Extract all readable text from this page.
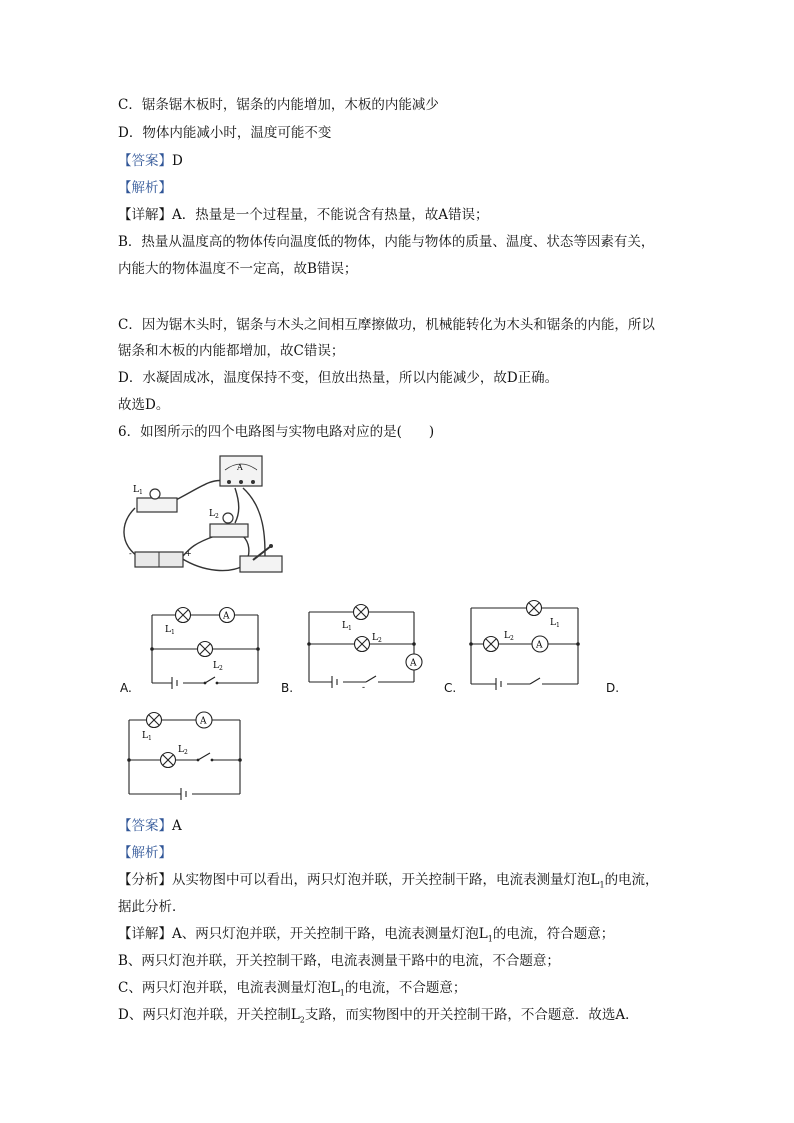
C．锯条锯木板时，锯条的内能增加，木板的内能减少
D．物体内能减小时，温度可能不变
【答案】D
【解析】
【详解】A．热量是一个过程量，不能说含有热量，故A错误；
B．热量从温度高的物体传向温度低的物体，内能与物体的质量、温度、状态等因素有关，
内能大的物体温度不一定高，故B错误；
C．因为锯木头时，锯条与木头之间相互摩擦做功，机械能转化为木头和锯条的内能，所以
锯条和木板的内能都增加，故C错误；
D．水凝固成冰，温度保持不变，但放出热量，所以内能减少，故D正确。
故选D。
6．如图所示的四个电路图与实物电路对应的是(　　)
A
L 1
L 2
-	+
A
L 1
L 2
A.
A
L 1
L 2
-
B.
A
L 1
L 2
C.	D.
A
L 1
L 2
【答案】A
【解析】
【分析】从实物图中可以看出，两只灯泡并联，开关控制干路，电流表测量灯泡$L_1$的电流，
据此分析．
【详解】A、两只灯泡并联，开关控制干路，电流表测量灯泡$L_1$的电流，符合题意；
B、两只灯泡并联，开关控制干路，电流表测量干路中的电流，不合题意；
C、两只灯泡并联，电流表测量灯泡$L_1$的电流，不合题意；
D、两只灯泡并联，开关控制$L_2$支路，而实物图中的开关控制干路，不合题意．故选A．
